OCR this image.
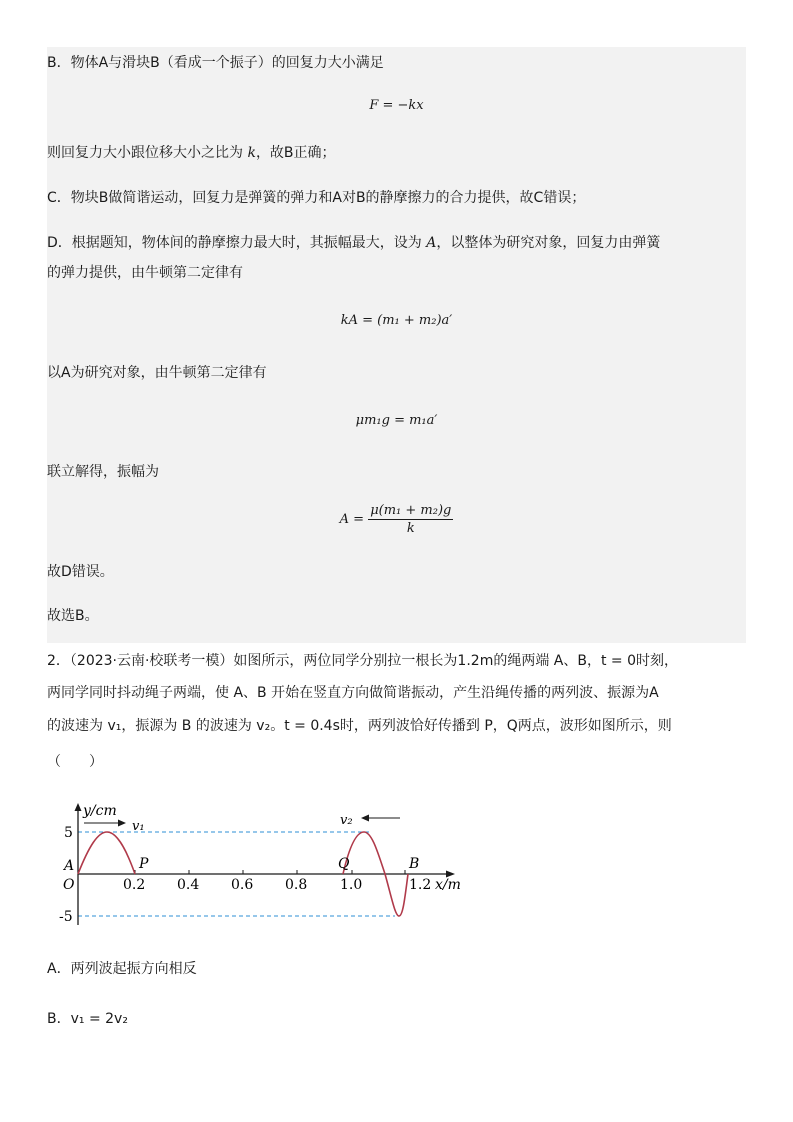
B．物体A与滑块B（看成一个振子）的回复力大小满足
F = −kx
则回复力大小跟位移大小之比为 k，故B正确；
C．物块B做简谐运动，回复力是弹簧的弹力和A对B的静摩擦力的合力提供，故C错误；
D．根据题知，物体间的静摩擦力最大时，其振幅最大，设为 A，以整体为研究对象，回复力由弹簧
的弹力提供，由牛顿第二定律有
kA = (m₁ + m₂)a′
以A为研究对象，由牛顿第二定律有
μm₁g = m₁a′
联立解得，振幅为
$A = \frac{\text{μ(m₁ + m₂)g}}{k}$
故D错误。
故选B。
2．（2023·云南·校联考一模）如图所示，两位同学分别拉一根长为1.2m的绳两端 A、B，t = 0时刻，
两同学同时抖动绳子两端，使 A、B 开始在竖直方向做简谐振动，产生沿绳传播的两列波、振源为A
的波速为 v₁，振源为 B 的波速为 v₂。t = 0.4s时，两列波恰好传播到 P，Q两点，波形如图所示，则
（　　）
y/cm
v₁	v₂
5
-5
A
O
P	Q	B
0.2 0.4 0.6 0.8 1.0	1.2 x/m
A．两列波起振方向相反
B．v₁ = 2v₂
